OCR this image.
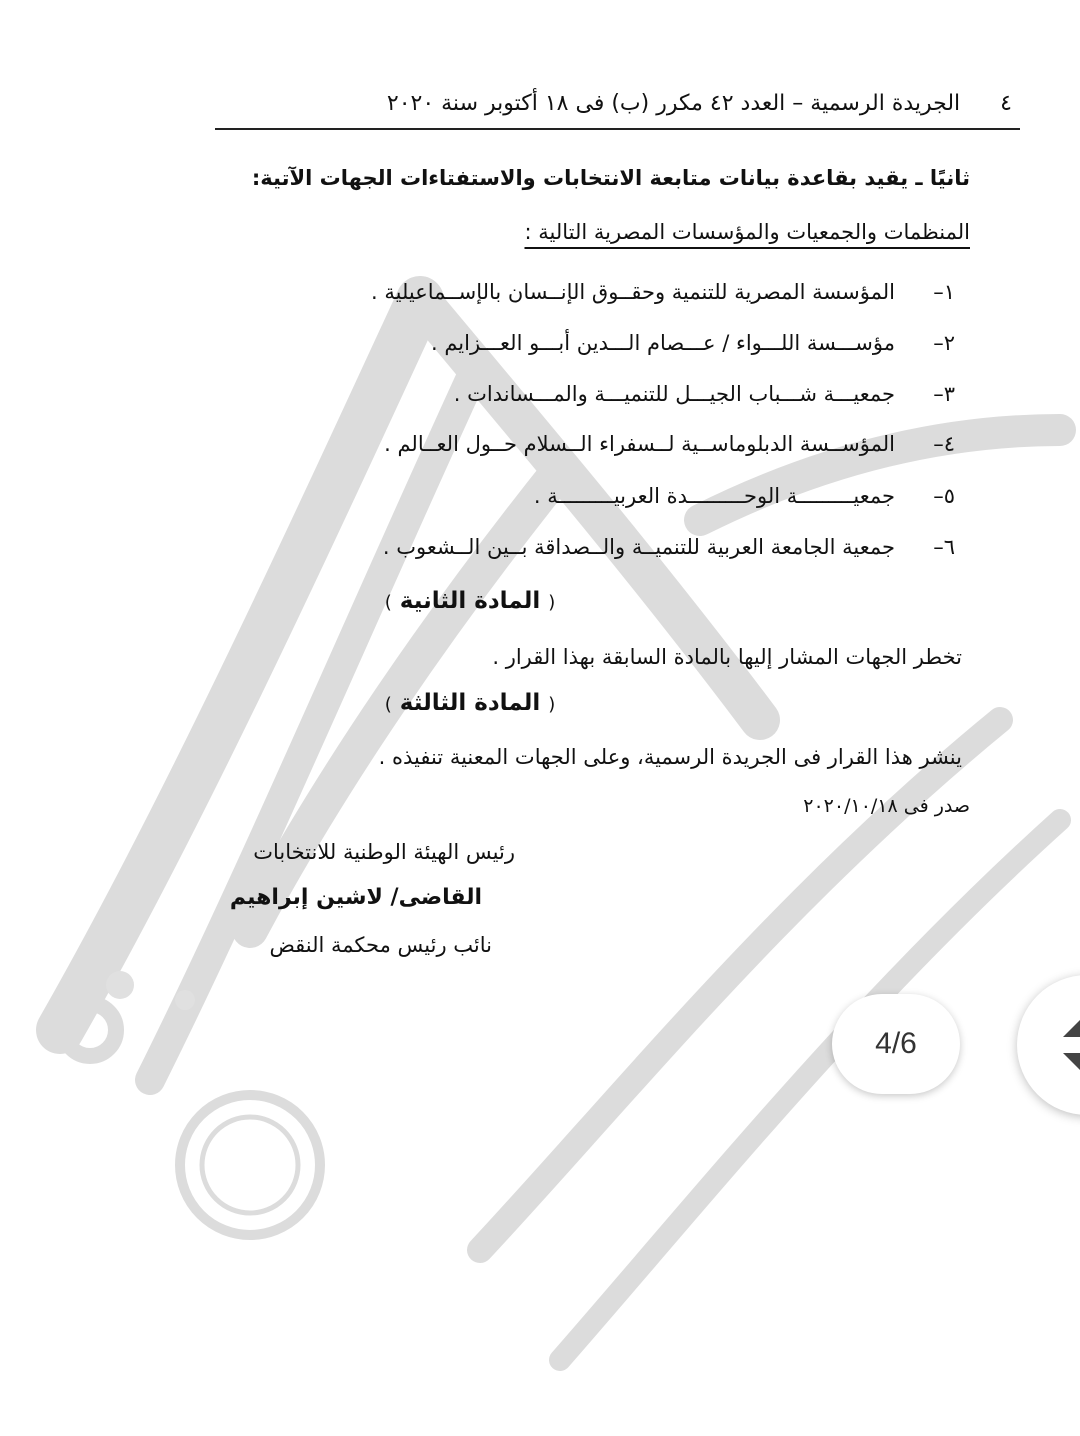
٤
الجريدة الرسمية – العدد ٤٢ مكرر (ب) فى ١٨ أكتوبر سنة ٢٠٢٠
ثانيًا ـ يقيد بقاعدة بيانات متابعة الانتخابات والاستفتاءات الجهات الآتية:
المنظمات والجمعيات والمؤسسات المصرية التالية :
١–
المؤسسة المصرية للتنمية وحقــوق الإنــسان بالإســماعيلية .
٢–
مؤســـسة اللـــواء / عـــصام الـــدين أبـــو العـــزايم .
٣–
جمعيـــة شـــباب الجيـــل للتنميـــة والمـــساندات .
٤–
المؤســسة الدبلوماســية لــسفراء الــسلام حــول العــالم .
٥–
جمعيـــــــــة الوحـــــــــدة العربيـــــــــة .
٦–
جمعية الجامعة العربية للتنميــة والــصداقة بــين الــشعوب .
( المادة الثانية )
تخطر الجهات المشار إليها بالمادة السابقة بهذا القرار .
( المادة الثالثة )
ينشر هذا القرار فى الجريدة الرسمية، وعلى الجهات المعنية تنفيذه .
صدر فى ٢٠٢٠/١٠/١٨
رئيس الهيئة الوطنية للانتخابات
القاضى/ لاشين إبراهيم
نائب رئيس محكمة النقض
4/6
